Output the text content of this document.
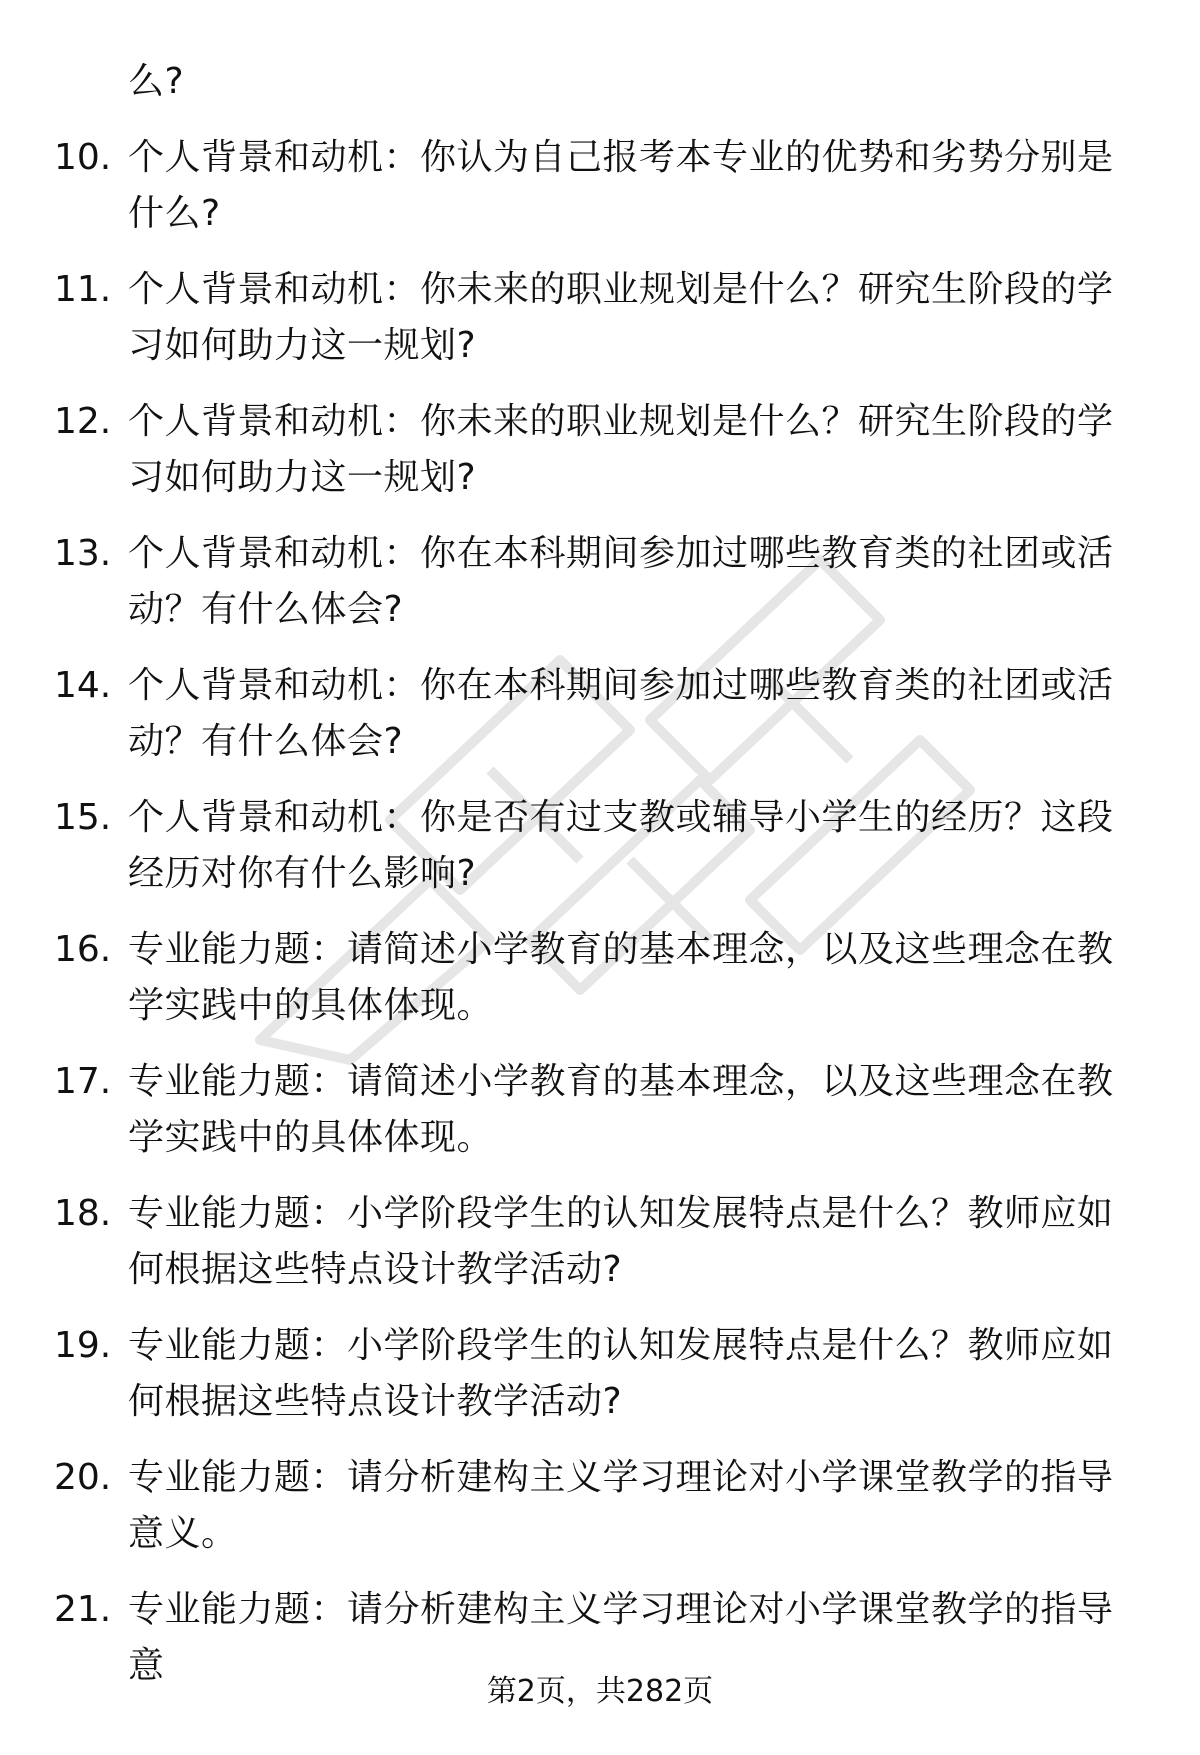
么?
10. 个人背景和动机：你认为自己报考本专业的优势和劣势分别是什么?
11. 个人背景和动机：你未来的职业规划是什么？研究生阶段的学习如何助力这一规划?
12. 个人背景和动机：你未来的职业规划是什么？研究生阶段的学习如何助力这一规划?
13. 个人背景和动机：你在本科期间参加过哪些教育类的社团或活动？有什么体会?
14. 个人背景和动机：你在本科期间参加过哪些教育类的社团或活动？有什么体会?
15. 个人背景和动机：你是否有过支教或辅导小学生的经历？这段经历对你有什么影响?
16. 专业能力题：请简述小学教育的基本理念，以及这些理念在教学实践中的具体体现。
17. 专业能力题：请简述小学教育的基本理念，以及这些理念在教学实践中的具体体现。
18. 专业能力题：小学阶段学生的认知发展特点是什么？教师应如何根据这些特点设计教学活动?
19. 专业能力题：小学阶段学生的认知发展特点是什么？教师应如何根据这些特点设计教学活动?
20. 专业能力题：请分析建构主义学习理论对小学课堂教学的指导意义。
21. 专业能力题：请分析建构主义学习理论对小学课堂教学的指导意
第2页，共282页
